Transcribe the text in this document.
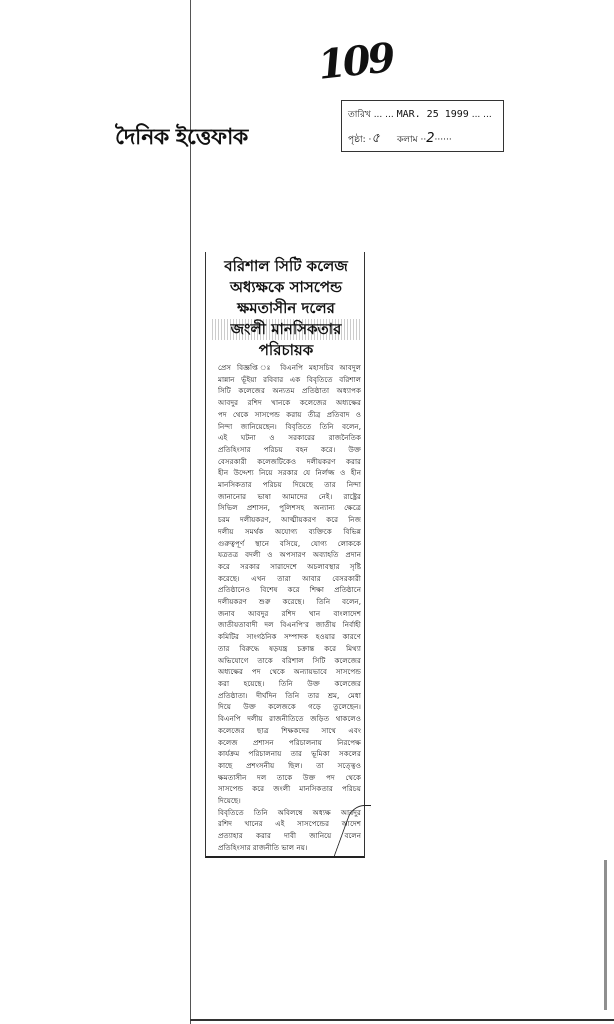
109
দৈনিক ইত্তেফাক
তারিখ ... ... MAR. 25 1999 ... ...
পৃষ্ঠা: ·৫ কলাম ··2······
বরিশাল সিটি কলেজ
অধ্যক্ষকে সাসপেন্ড
ক্ষমতাসীন দলের
জংলী মানসিকতার
পরিচায়ক
প্রেস বিজ্ঞপ্তি ঃ বিএনপি মহাসচিব আবদুল
মান্নান ভূঁইয়া রবিবার এক বিবৃতিতে বরিশাল
সিটি কলেজের অন্যতম প্রতিষ্ঠাতা অধ্যাপক
আবদুর রশিদ খানকে কলেজের অধ্যক্ষের
পদ থেকে সাসপেন্ড করায় তীব্র প্রতিবাদ ও
নিন্দা জানিয়েছেন। বিবৃতিতে তিনি বলেন,
এই ঘটনা ও সরকারের রাজনৈতিক
প্রতিহিংসার পরিচয় বহন করে। উক্ত
বেসরকারী কলেজটিকেও দলীয়করণ করার
হীন উদ্দেশ্য নিয়ে সরকার যে নির্লজ্জ ও হীন
মানসিকতার পরিচয় দিয়েছে তার নিন্দা
জানানোর ভাষা আমাদের নেই। রাষ্ট্রের
সিভিল প্রশাসন, পুলিশসহ অন্যান্য ক্ষেত্রে
চরম দলীয়করণ, আত্মীয়করণ করে নিজ
দলীয় সমর্থক অযোগ্য ব্যক্তিকে বিভিন্ন
গুরুত্বপূর্ণ স্থানে বসিয়ে, যোগ্য লোককে
যত্রতত্র বদলী ও অপসারণ অব্যাহতি প্রদান
করে সরকার সারাদেশে অচলাবস্থার সৃষ্টি
করেছে। এখন তারা আবার বেসরকারী
প্রতিষ্ঠানেও বিশেষ করে শিক্ষা প্রতিষ্ঠানে
দলীয়করণ শুরু করেছে। তিনি বলেন,
জনাব আবদুর রশিদ খান বাংলাদেশ
জাতীয়তাবাদী দল বিএনপি'র জাতীয় নির্বাহী
কমিটির সাংগঠনিক সম্পাদক হওয়ার কারণে
তার বিরুদ্ধে ষড়যন্ত্র চক্রান্ত করে মিথ্যা
অভিযোগে তাকে বরিশাল সিটি কলেজের
অধ্যক্ষের পদ থেকে অন্যায়ভাবে সাসপেন্ড
করা হয়েছে। তিনি উক্ত কলেজের
প্রতিষ্ঠাতা। দীর্ঘদিন তিনি তার শ্রম, মেধা
দিয়ে উক্ত কলেজকে গড়ে তুলেছেন।
বিএনপি দলীয় রাজনীতিতে জড়িত থাকলেও
কলেজের ছাত্র শিক্ষকদের সাথে এবং
কলেজ প্রশাসন পরিচালনায় নিরপেক্ষ
কার্যক্রম পরিচালনায় তার ভূমিকা সকলের
কাছে প্রশংসনীয় ছিল। তা সত্ত্বেও
ক্ষমতাসীন দল তাকে উক্ত পদ থেকে
সাসপেন্ড করে জংলী মানসিকতার পরিচয়
দিয়েছে।
বিবৃতিতে তিনি অবিলম্বে অধ্যক্ষ আবদুর
রশিদ খানের এই সাসপেন্ডের আদেশ
প্রত্যাহার করার দাবী জানিয়ে বলেন
প্রতিহিংসার রাজনীতি ভাল নয়।
